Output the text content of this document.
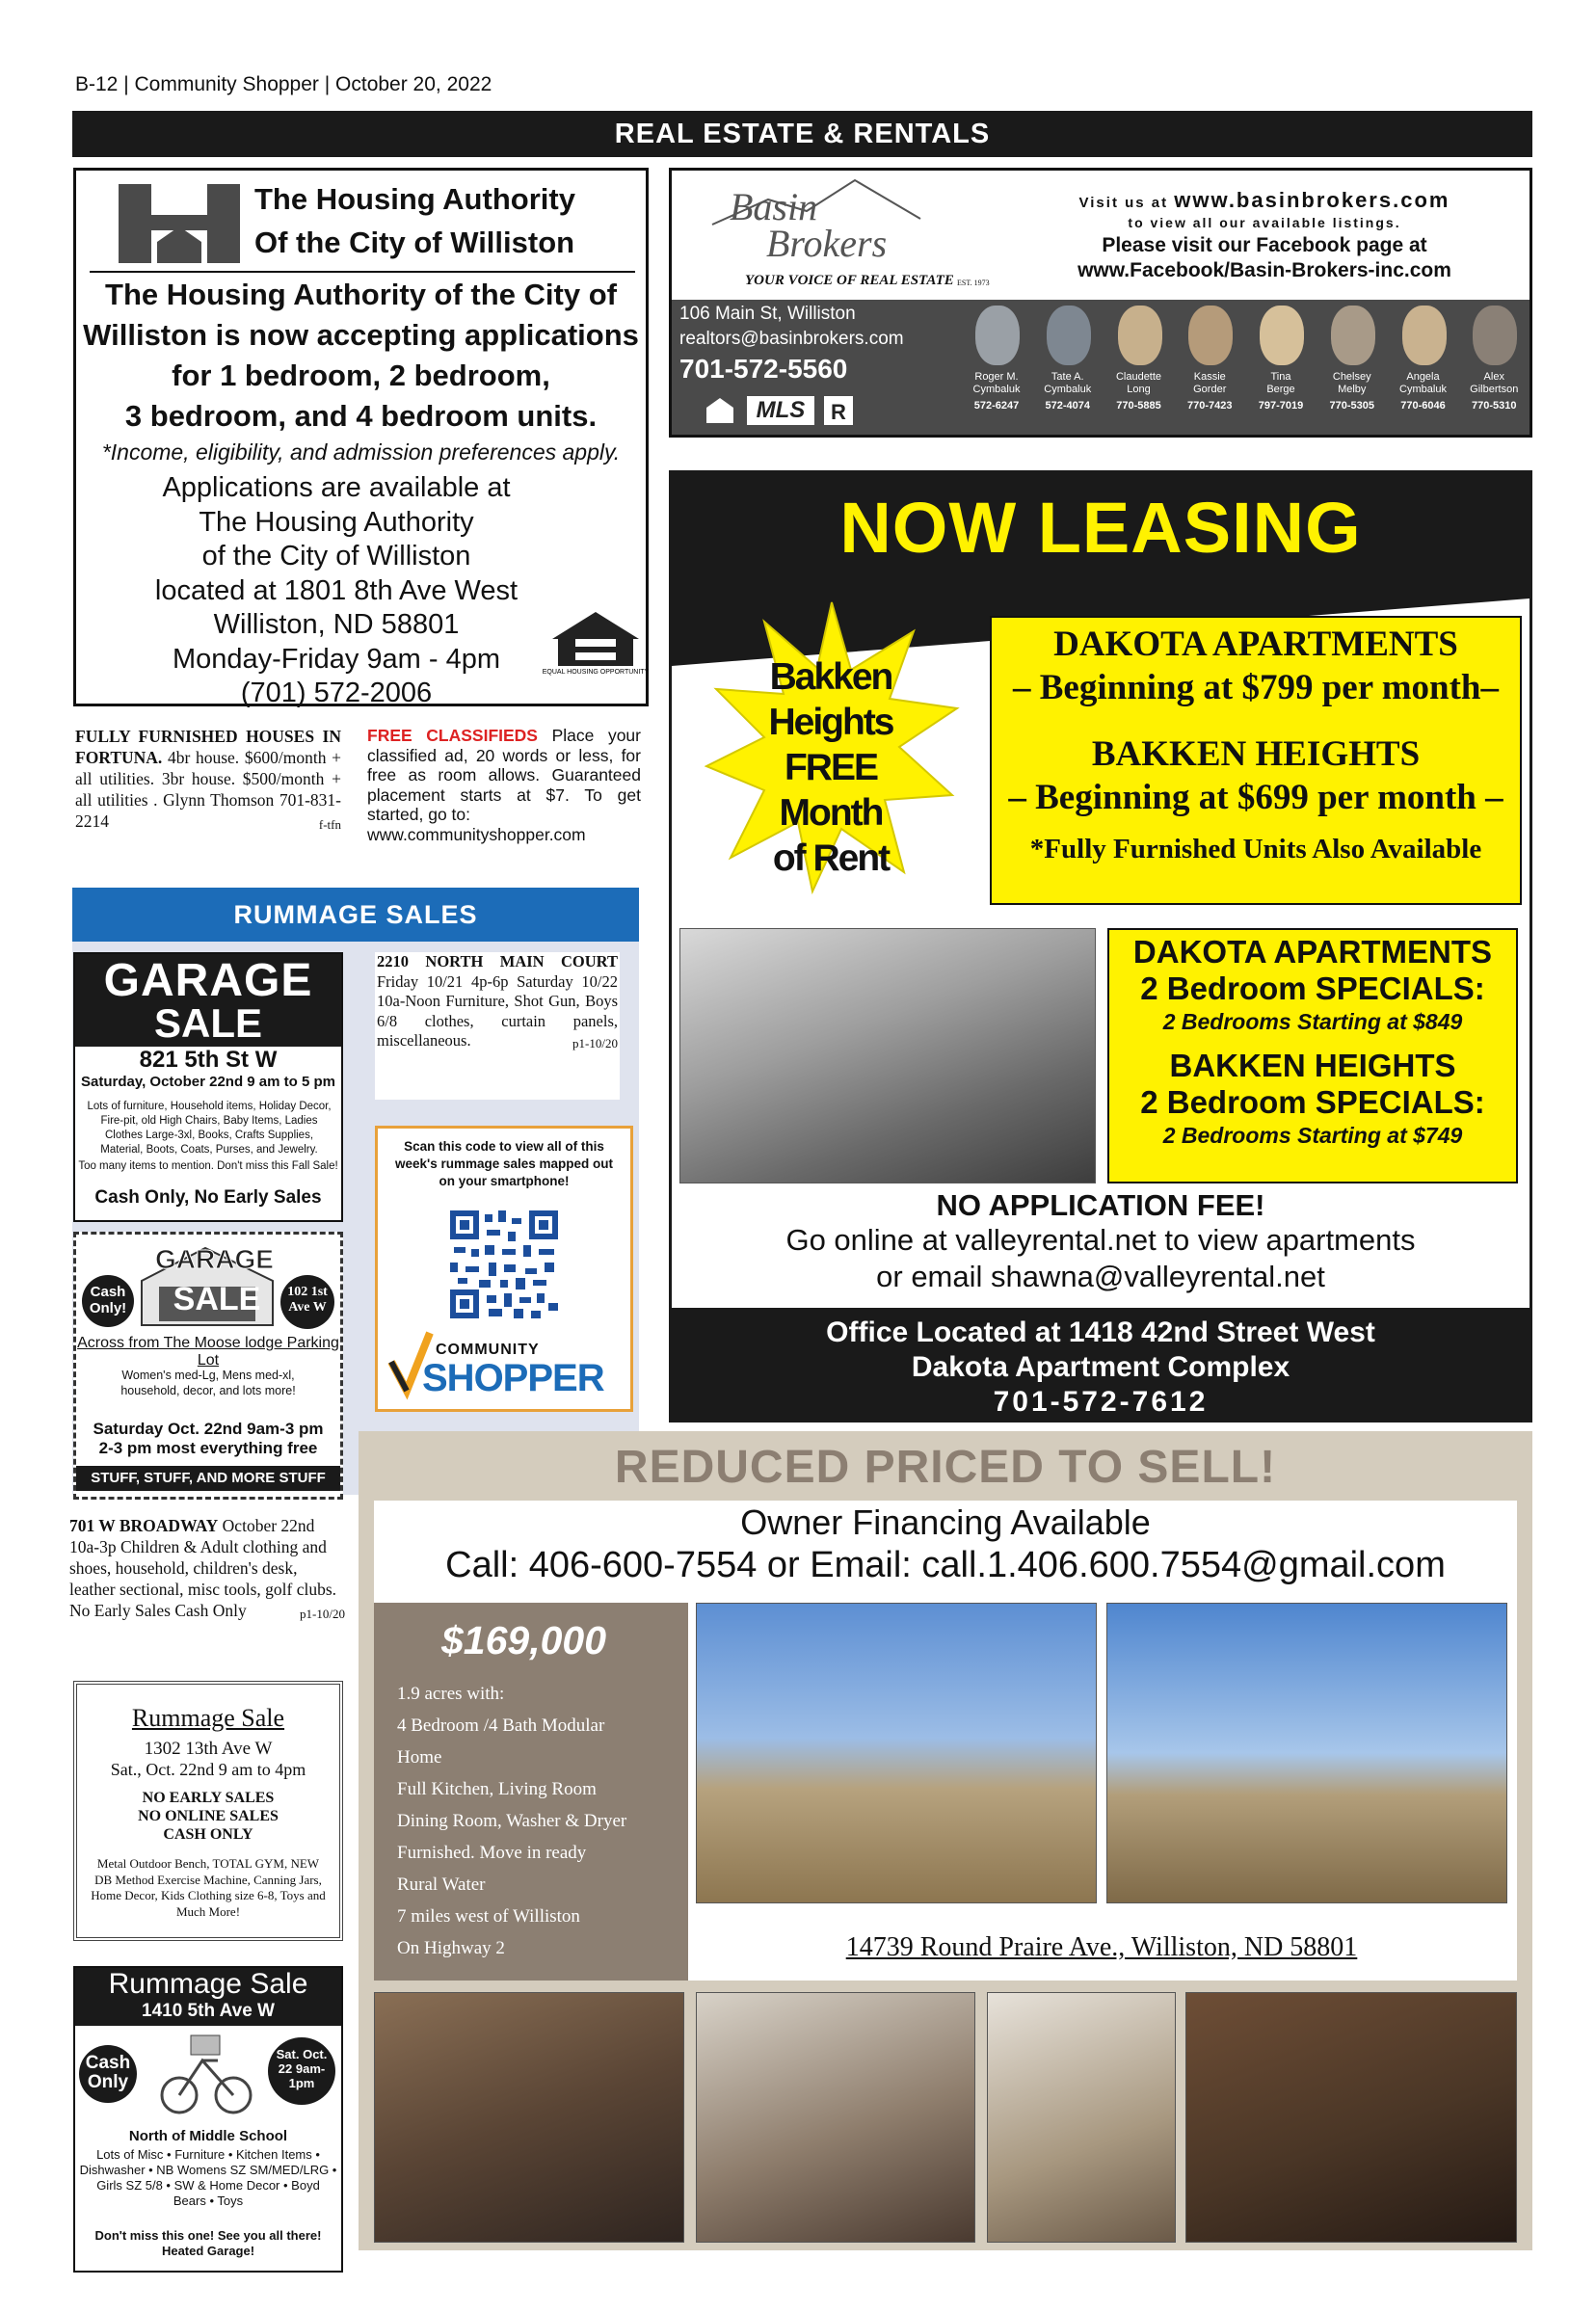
B-12 | Community Shopper | October 20, 2022
REAL ESTATE & RENTALS
The Housing Authority
Of the City of Williston
The Housing Authority of the City of
Williston is now accepting applications
for 1 bedroom, 2 bedroom,
3 bedroom, and 4 bedroom units.
*Income, eligibility, and admission preferences apply.
Applications are available at
The Housing Authority
of the City of Williston
located at 1801 8th Ave West
Williston, ND 58801
Monday-Friday 9am - 4pm
(701) 572-2006
EQUAL HOUSING OPPORTUNITY
FULLY FURNISHED HOUSES IN FORTUNA. 4br house. $600/month + all utilities. 3br house. $500/month + all utilities . Glynn Thomson 701-831-2214	f-tfn
FREE CLASSIFIEDS Place your classified ad, 20 words or less, for free as room allows. Guaranteed placement starts at $7. To get started, go to:
www.communityshopper.com
RUMMAGE SALES
GARAGE
SALE
821 5th St W
Saturday, October 22nd 9 am to 5 pm
Lots of furniture, Household items, Holiday Decor, Fire-pit, old High Chairs, Baby Items, Ladies Clothes Large-3xl, Books, Crafts Supplies, Material, Boots, Coats, Purses, and Jewelry.
Too many items to mention. Don't miss this Fall Sale!
Cash Only, No Early Sales
2210 NORTH MAIN COURT Friday 10/21 4p-6p Saturday 10/22 10a-Noon Furniture, Shot Gun, Boys 6/8 clothes, curtain panels, miscellaneous.	p1-10/20
Scan this code to view all of this week's rummage sales mapped out on your smartphone!
COMMUNITY
SHOPPER
Cash Only!
GARAGE
SALE	102 1st Ave W
Across from The Moose lodge Parking Lot
Women's med-Lg, Mens med-xl, household, decor, and lots more!
Saturday Oct. 22nd 9am-3 pm
2-3 pm most everything free
STUFF, STUFF, AND MORE STUFF
701 W BROADWAY October 22nd 10a-3p Children & Adult clothing and shoes, household, children's desk, leather sectional, misc tools, golf clubs. No Early Sales Cash Only	p1-10/20
Rummage Sale
1302 13th Ave W
Sat., Oct. 22nd 9 am to 4pm
NO EARLY SALES
NO ONLINE SALES
CASH ONLY
Metal Outdoor Bench, TOTAL GYM, NEW DB Method Exercise Machine, Canning Jars, Home Decor, Kids Clothing size 6-8, Toys and Much More!
Rummage Sale
1410 5th Ave W
Cash Only
Sat. Oct. 22 9am-1pm
North of Middle School
Lots of Misc • Furniture • Kitchen Items • Dishwasher • NB Womens SZ SM/MED/LRG • Girls SZ 5/8 • SW & Home Decor • Boyd Bears • Toys
Don't miss this one! See you all there!
Heated Garage!
Basin
Brokers
YOUR VOICE OF REAL ESTATE EST. 1973
Visit us at www.basinbrokers.com
to view all our available listings.
Please visit our Facebook page at
www.Facebook/Basin-Brokers-inc.com
106 Main St, Williston
realtors@basinbrokers.com
701-572-5560
MLS	R
Roger M.
Cymbaluk
572-6247
Tate A.
Cymbaluk
572-4074
Claudette
Long
770-5885
Kassie
Gorder
770-7423
Tina
Berge
797-7019
Chelsey
Melby
770-5305
Angela
Cymbaluk
770-6046
Alex
Gilbertson
770-5310
NOW LEASING
Bakken
Heights
FREE Month
of Rent
DAKOTA APARTMENTS
– Beginning at $799 per month–
BAKKEN HEIGHTS
– Beginning at $699 per month –
*Fully Furnished Units Also Available
DAKOTA APARTMENTS
2 Bedroom SPECIALS:
2 Bedrooms Starting at $849
BAKKEN HEIGHTS
2 Bedroom SPECIALS:
2 Bedrooms Starting at $749
NO APPLICATION FEE!
Go online at valleyrental.net to view apartments
or email shawna@valleyrental.net
Office Located at 1418 42nd Street West
Dakota Apartment Complex
701-572-7612
REDUCED PRICED TO SELL!
Owner Financing Available
Call: 406-600-7554 or Email: call.1.406.600.7554@gmail.com
$169,000
1.9 acres with:
4 Bedroom /4 Bath Modular
Home
Full Kitchen, Living Room
Dining Room, Washer & Dryer
Furnished. Move in ready
Rural Water
7 miles west of Williston
On Highway 2	14739 Round Praire Ave., Williston, ND 58801
